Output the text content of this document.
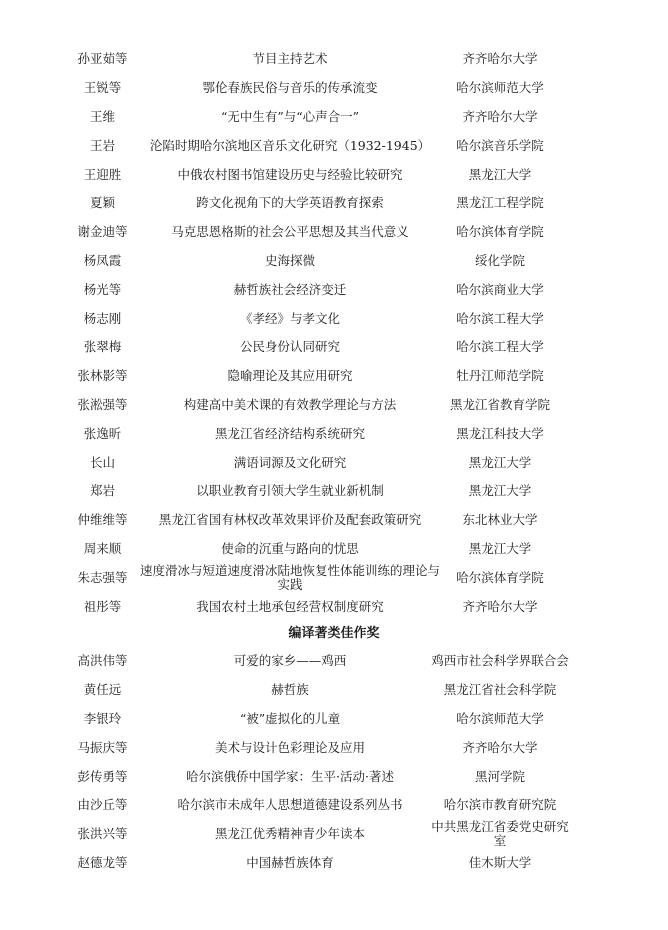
孙亚茹等	节目主持艺术	齐齐哈尔大学
王锐等	鄂伦春族民俗与音乐的传承流变	哈尔滨师范大学
王维	“无中生有”与“心声合一”	齐齐哈尔大学
王岩	沦陷时期哈尔滨地区音乐文化研究（1932-1945）	哈尔滨音乐学院
王迎胜	中俄农村图书馆建设历史与经验比较研究	黑龙江大学
夏颖	跨文化视角下的大学英语教育探索	黑龙江工程学院
谢金迪等	马克思恩格斯的社会公平思想及其当代意义	哈尔滨体育学院
杨凤霞	史海探微	绥化学院
杨光等	赫哲族社会经济变迁	哈尔滨商业大学
杨志刚	《孝经》与孝文化	哈尔滨工程大学
张翠梅	公民身份认同研究	哈尔滨工程大学
张林影等	隐喻理论及其应用研究	牡丹江师范学院
张淞强等	构建高中美术课的有效教学理论与方法	黑龙江省教育学院
张逸昕	黑龙江省经济结构系统研究	黑龙江科技大学
长山	满语词源及文化研究	黑龙江大学
郑岩	以职业教育引领大学生就业新机制	黑龙江大学
仲维维等	黑龙江省国有林权改革效果评价及配套政策研究	东北林业大学
周来顺	使命的沉重与路向的忧思	黑龙江大学
朱志强等	速度滑冰与短道速度滑冰陆地恢复性体能训练的理论与实践	哈尔滨体育学院
祖彤等	我国农村土地承包经营权制度研究	齐齐哈尔大学
编译著类佳作奖
高洪伟等	可爱的家乡——鸡西	鸡西市社会科学界联合会
黄任远	赫哲族	黑龙江省社会科学院
李银玲	“被”虚拟化的儿童	哈尔滨师范大学
马振庆等	美术与设计色彩理论及应用	齐齐哈尔大学
彭传勇等	哈尔滨俄侨中国学家：生平·活动·著述	黑河学院
由沙丘等	哈尔滨市未成年人思想道德建设系列丛书	哈尔滨市教育研究院
张洪兴等	黑龙江优秀精神青少年读本	中共黑龙江省委党史研究室
赵德龙等	中国赫哲族体育	佳木斯大学
